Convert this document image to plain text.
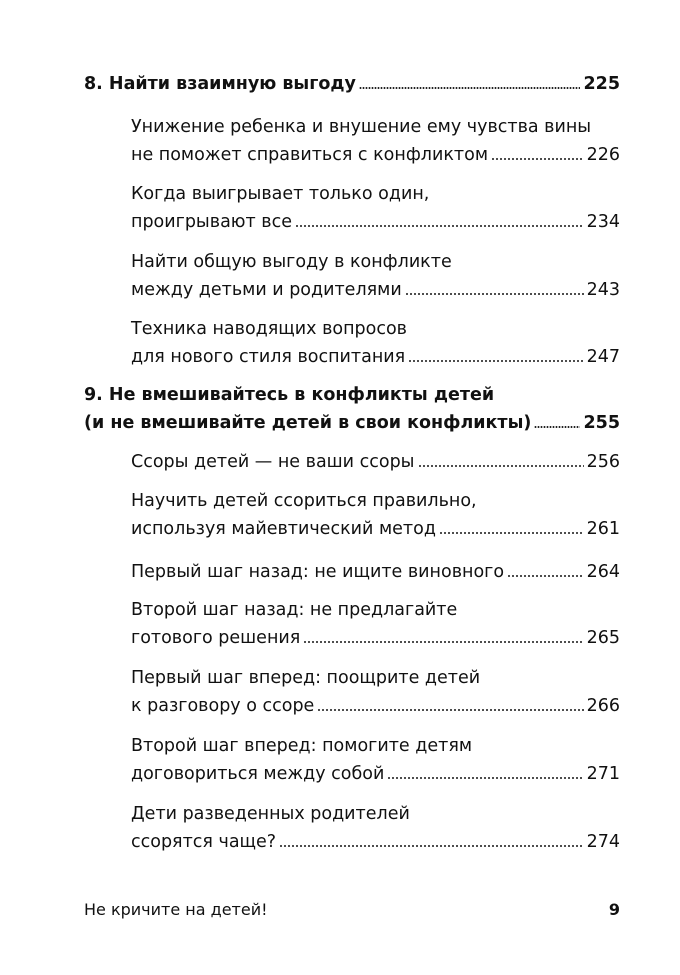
8. Найти взаимную выгоду	225
Унижение ребенка и внушение ему чувства вины
не поможет справиться с конфликтом	226
Когда выигрывает только один,
проигрывают все	234
Найти общую выгоду в конфликте
между детьми и родителями	243
Техника наводящих вопросов
для нового стиля воспитания	247
9. Не вмешивайтесь в конфликты детей
(и не вмешивайте детей в свои конфликты)	255
Ссоры детей — не ваши ссоры	256
Научить детей ссориться правильно,
используя майевтический метод	261
Первый шаг назад: не ищите виновного	264
Второй шаг назад: не предлагайте
готового решения	265
Первый шаг вперед: поощрите детей
к разговору о ссоре	266
Второй шаг вперед: помогите детям
договориться между собой	271
Дети разведенных родителей
ссорятся чаще?	274
Не кричите на детей!	9
